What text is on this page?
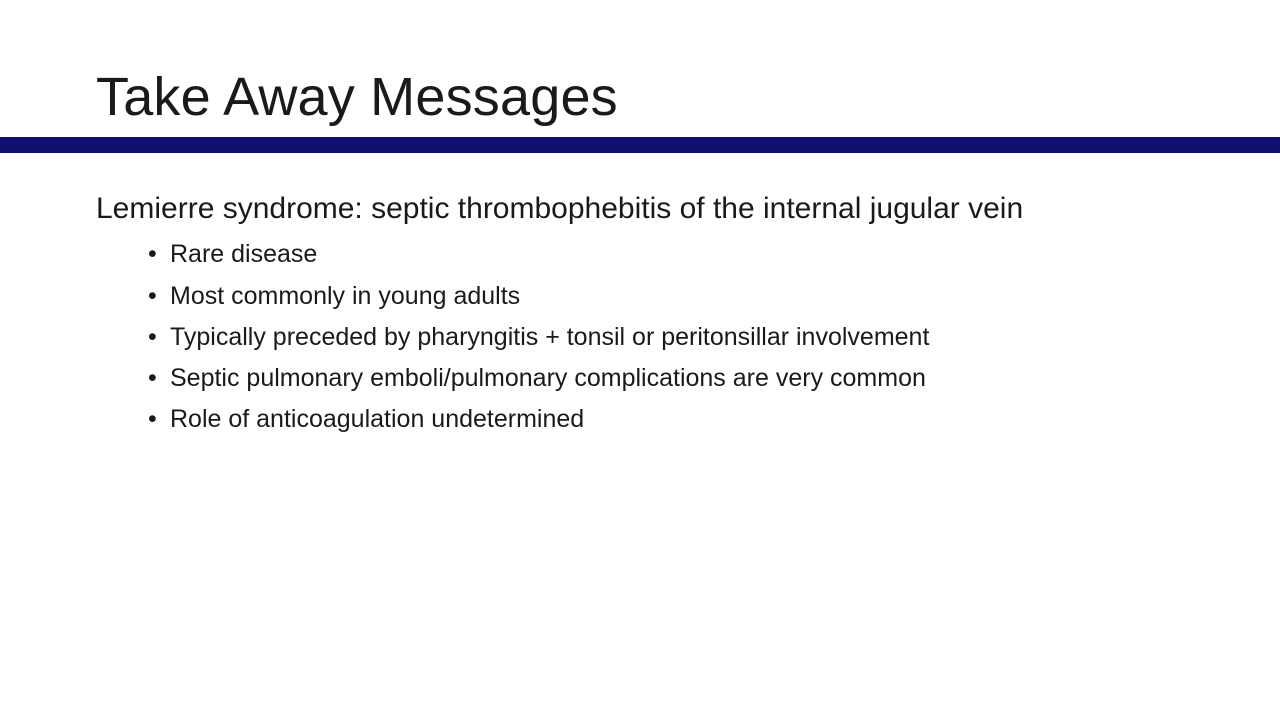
Take Away Messages

Lemierre syndrome: septic thrombophebitis of the internal jugular vein

• Rare disease
• Most commonly in young adults
• Typically preceded by pharyngitis + tonsil or peritonsillar involvement
• Septic pulmonary emboli/pulmonary complications are very common
• Role of anticoagulation undetermined
